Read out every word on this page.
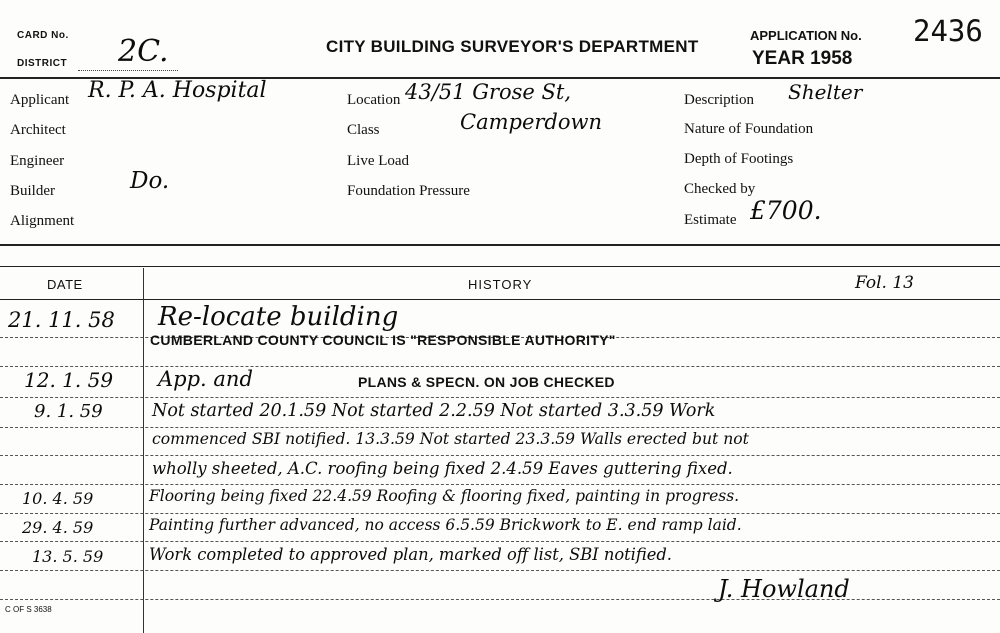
CARD No.
DISTRICT 2C.	CITY BUILDING SURVEYOR'S DEPARTMENT
APPLICATION No. 2436
YEAR 1958
Applicant R. P. A. Hospital
Architect
Engineer
Builder	Do.
Alignment
Location 43/51 Grose St,
Class	Camperdown
Live Load
Foundation Pressure
Description Shelter
Nature of Foundation
Depth of Footings
Checked by
Estimate £700.
DATE	HISTORY	Fol. 13
21. 11. 58 Re-locate building
CUMBERLAND COUNTY COUNCIL IS "RESPONSIBLE AUTHORITY"
12. 1. 59 App. and	PLANS & SPECN. ON JOB CHECKED
9. 1. 59	Not started 20.1.59 Not started 2.2.59 Not started 3.3.59 Work
commenced SBI notified. 13.3.59 Not started 23.3.59 Walls erected but not
wholly sheeted, A.C. roofing being fixed 2.4.59 Eaves guttering fixed.
10. 4. 59	Flooring being fixed 22.4.59 Roofing & flooring fixed, painting in progress.
29. 4. 59	Painting further advanced, no access 6.5.59 Brickwork to E. end ramp laid.
13. 5. 59	Work completed to approved plan, marked off list, SBI notified.
J. Howland
C OF S 3638
